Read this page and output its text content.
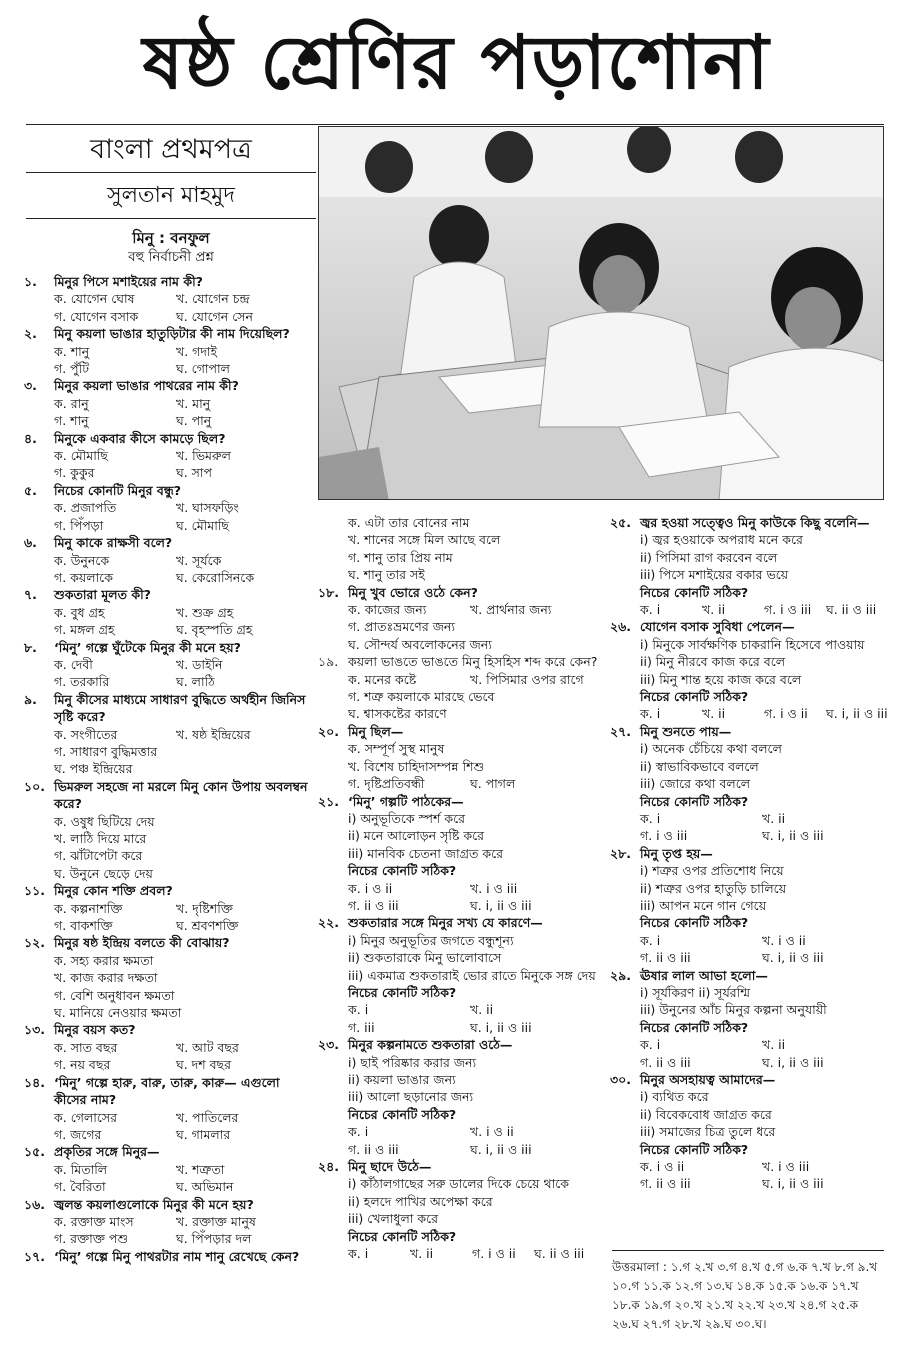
ষষ্ঠ শ্রেণির পড়াশোনা
বাংলা প্রথমপত্র
সুলতান মাহমুদ
মিনু : বনফুল
বহু নির্বাচনী প্রশ্ন
১.	মিনুর পিসে মশাইয়ের নাম কী?
ক. যোগেন ঘোষ	খ. যোগেন চন্দ্র
গ. যোগেন বসাক	ঘ. যোগেন সেন
২.	মিনু কয়লা ভাঙার হাতুড়িটার কী নাম দিয়েছিল?
ক. শানু	খ. গদাই
গ. পুঁটি	ঘ. গোপাল
৩.	মিনুর কয়লা ভাঙার পাথরের নাম কী?
ক. রানু	খ. মানু
গ. শানু	ঘ. পানু
৪.	মিনুকে একবার কীসে কামড়ে ছিল?
ক. মৌমাছি	খ. ভিমরুল
গ. কুকুর	ঘ. সাপ
৫.	নিচের কোনটি মিনুর বন্ধু?
ক. প্রজাপতি	খ. ঘাসফড়িং
গ. পিঁপড়া	ঘ. মৌমাছি
৬.	মিনু কাকে রাক্ষসী বলে?
ক. উনুনকে	খ. সূর্যকে
গ. কয়লাকে	ঘ. কেরোসিনকে
৭.	শুকতারা মূলত কী?
ক. বুধ গ্রহ	খ. শুক্র গ্রহ
গ. মঙ্গল গ্রহ	ঘ. বৃহস্পতি গ্রহ
৮.	‘মিনু’ গল্পে ঘুঁটেকে মিনুর কী মনে হয়?
ক. দেবী	খ. ডাইনি
গ. তরকারি	ঘ. লাঠি
৯.	মিনু কীসের মাধ্যমে সাধারণ বুদ্ধিতে অর্থহীন জিনিস সৃষ্টি করে?
ক. সংগীতের	খ. ষষ্ঠ ইন্দ্রিয়ের
গ. সাধারণ বুদ্ধিমত্তার
ঘ. পঞ্চ ইন্দ্রিয়ের
১০. ভিমরুল সহজে না মরলে মিনু কোন উপায় অবলম্বন করে?
ক. ওষুধ ছিটিয়ে দেয়
খ. লাঠি দিয়ে মারে
গ. ঝাঁটাপেটা করে
ঘ. উনুনে ছেড়ে দেয়
১১. মিনুর কোন শক্তি প্রবল?
ক. কল্পনাশক্তি	খ. দৃষ্টিশক্তি
গ. বাকশক্তি	ঘ. শ্রবণশক্তি
১২. মিনুর ষষ্ঠ ইন্দ্রিয় বলতে কী বোঝায়?
ক. সহ্য করার ক্ষমতা
খ. কাজ করার দক্ষতা
গ. বেশি অনুধাবন ক্ষমতা
ঘ. মানিয়ে নেওয়ার ক্ষমতা
১৩. মিনুর বয়স কত?
ক. সাত বছর	খ. আট বছর
গ. নয় বছর	ঘ. দশ বছর
১৪. ‘মিনু’ গল্পে হারু, বারু, তারু, কারু— এগুলো কীসের নাম?
ক. গেলাসের	খ. পাতিলের
গ. জগের	ঘ. গামলার
১৫. প্রকৃতির সঙ্গে মিনুর—
ক. মিতালি	খ. শত্রুতা
গ. বৈরিতা	ঘ. অভিমান
১৬. জ্বলন্ত কয়লাগুলোকে মিনুর কী মনে হয়?
ক. রক্তাক্ত মাংস	খ. রক্তাক্ত মানুষ
গ. রক্তাক্ত পশু	ঘ. পিঁপড়ার দল
১৭. ‘মিনু’ গল্পে মিনু পাথরটার নাম শানু রেখেছে কেন?
ক. এটা তার বোনের নাম
খ. শানের সঙ্গে মিল আছে বলে
গ. শানু তার প্রিয় নাম
ঘ. শানু তার সই
১৮. মিনু খুব ভোরে ওঠে কেন?
ক. কাজের জন্য	খ. প্রার্থনার জন্য
গ. প্রাতঃভ্রমণের জন্য
ঘ. সৌন্দর্য অবলোকনের জন্য
১৯. কয়লা ভাঙতে ভাঙতে মিনু হিসহিস শব্দ করে কেন?
ক. মনের কষ্টে	খ. পিসিমার ওপর রাগে
গ. শত্রু কয়লাকে মারছে ভেবে
ঘ. শ্বাসকষ্টের কারণে
২০. মিনু ছিল—
ক. সম্পূর্ণ সুস্থ মানুষ
খ. বিশেষ চাহিদাসম্পন্ন শিশু
গ. দৃষ্টিপ্রতিবন্ধী	ঘ. পাগল
২১. ‘মিনু’ গল্পটি পাঠকের—
i) অনুভূতিকে স্পর্শ করে
ii) মনে আলোড়ন সৃষ্টি করে
iii) মানবিক চেতনা জাগ্রত করে
নিচের কোনটি সঠিক?
ক. i ও ii	খ. i ও iii
গ. ii ও iii	ঘ. i, ii ও iii
২২. শুকতারার সঙ্গে মিনুর সখ্য যে কারণে—
i) মিনুর অনুভূতির জগতে বন্ধুশূন্য
ii) শুকতারাকে মিনু ভালোবাসে
iii) একমাত্র শুকতারাই ভোর রাতে মিনুকে সঙ্গ দেয়
নিচের কোনটি সঠিক?
ক. i	খ. ii
গ. iii	ঘ. i, ii ও iii
২৩. মিনুর কল্পনামতে শুকতারা ওঠে—
i) ছাই পরিষ্কার করার জন্য
ii) কয়লা ভাঙার জন্য
iii) আলো ছড়ানোর জন্য
নিচের কোনটি সঠিক?
ক. i	খ. i ও ii
গ. ii ও iii	ঘ. i, ii ও iii
২৪. মিনু ছাদে উঠে—
i) কাঁঠালগাছের সরু ডালের দিকে চেয়ে থাকে
ii) হলদে পাখির অপেক্ষা করে
iii) খেলাধুলা করে
নিচের কোনটি সঠিক?
ক. i	খ. ii	গ. i ও ii ঘ. ii ও iii
২৫. জ্বর হওয়া সত্ত্বেও মিনু কাউকে কিছু বলেনি—
i) জ্বর হওয়াকে অপরাধ মনে করে
ii) পিসিমা রাগ করবেন বলে
iii) পিসে মশাইয়ের বকার ভয়ে
নিচের কোনটি সঠিক?
ক. i	খ. ii	গ. i ও iii ঘ. ii ও iii
২৬. যোগেন বসাক সুবিধা পেলেন—
i) মিনুকে সার্বক্ষণিক চাকরানি হিসেবে পাওয়ায়
ii) মিনু নীরবে কাজ করে বলে
iii) মিনু শান্ত হয়ে কাজ করে বলে
নিচের কোনটি সঠিক?
ক. i	খ. ii	গ. i ও ii ঘ. i, ii ও iii
২৭. মিনু শুনতে পায়—
i) অনেক চেঁচিয়ে কথা বললে
ii) স্বাভাবিকভাবে বললে
iii) জোরে কথা বললে
নিচের কোনটি সঠিক?
ক. i	খ. ii
গ. i ও iii	ঘ. i, ii ও iii
২৮. মিনু তৃপ্ত হয়—
i) শত্রুর ওপর প্রতিশোধ নিয়ে
ii) শত্রুর ওপর হাতুড়ি চালিয়ে
iii) আপন মনে গান গেয়ে
নিচের কোনটি সঠিক?
ক. i	খ. i ও ii
গ. ii ও iii	ঘ. i, ii ও iii
২৯. ঊষার লাল আভা হলো—
i) সূর্যকিরণ ii) সূর্যরশ্মি
iii) উনুনের আঁচ মিনুর কল্পনা অনুযায়ী
নিচের কোনটি সঠিক?
ক. i	খ. ii
গ. ii ও iii	ঘ. i, ii ও iii
৩০. মিনুর অসহায়ত্ব আমাদের—
i) ব্যথিত করে
ii) বিবেকবোধ জাগ্রত করে
iii) সমাজের চিত্র তুলে ধরে
নিচের কোনটি সঠিক?
ক. i ও ii	খ. i ও iii
গ. ii ও iii	ঘ. i, ii ও iii
উত্তরমালা : ১.গ ২.খ ৩.গ ৪.খ ৫.গ ৬.ক ৭.খ ৮.গ ৯.খ ১০.গ ১১.ক ১২.গ ১৩.ঘ ১৪.ক ১৫.ক ১৬.ক ১৭.খ ১৮.ক ১৯.গ ২০.খ ২১.খ ২২.খ ২৩.খ ২৪.গ ২৫.ক ২৬.ঘ ২৭.গ ২৮.খ ২৯.ঘ ৩০.ঘ।
